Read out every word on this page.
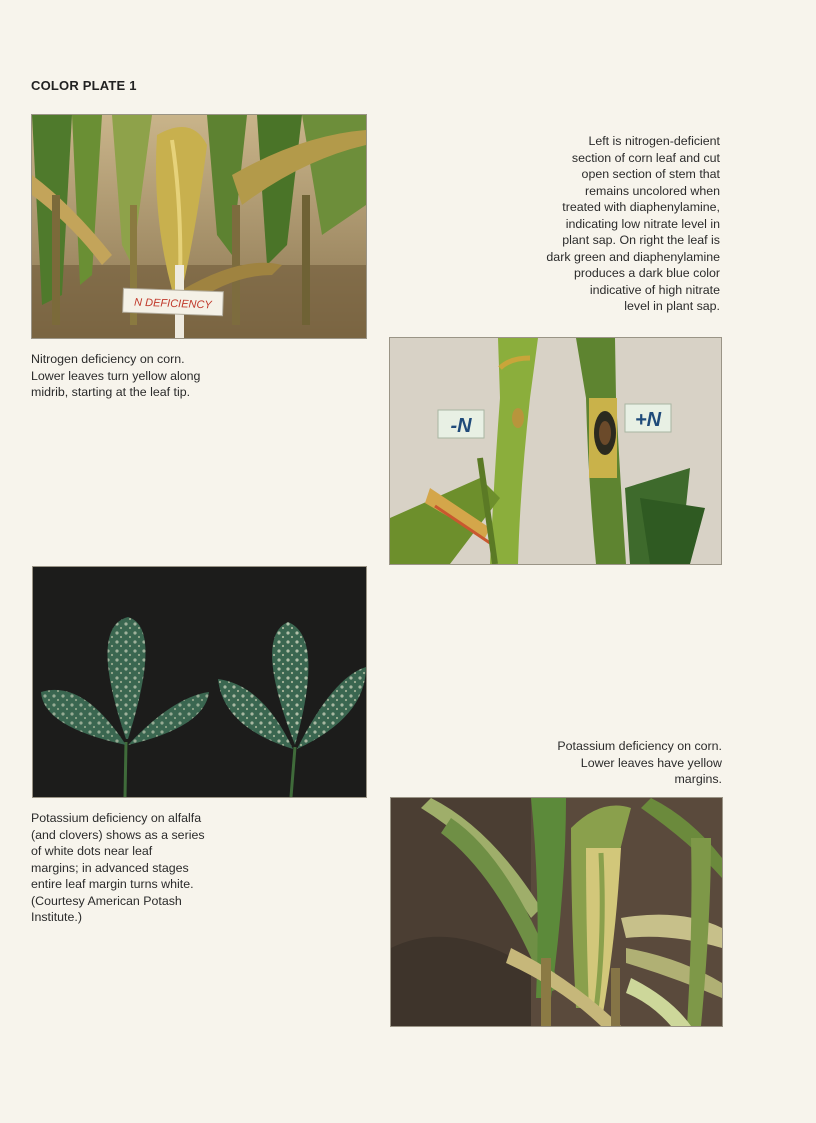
COLOR PLATE 1
N DEFICIENCY
Nitrogen deficiency on corn.
Lower leaves turn yellow along
midrib, starting at the leaf tip.
Left is nitrogen-deficient
section of corn leaf and cut
open section of stem that
remains uncolored when
treated with diaphenylamine,
indicating low nitrate level in
plant sap. On right the leaf is
dark green and diaphenylamine
produces a dark blue color
indicative of high nitrate
level in plant sap.
-N	+N
Potassium deficiency on alfalfa
(and clovers) shows as a series
of white dots near leaf
margins; in advanced stages
entire leaf margin turns white.
(Courtesy American Potash
Institute.)
Potassium deficiency on corn.
Lower leaves have yellow
margins.
